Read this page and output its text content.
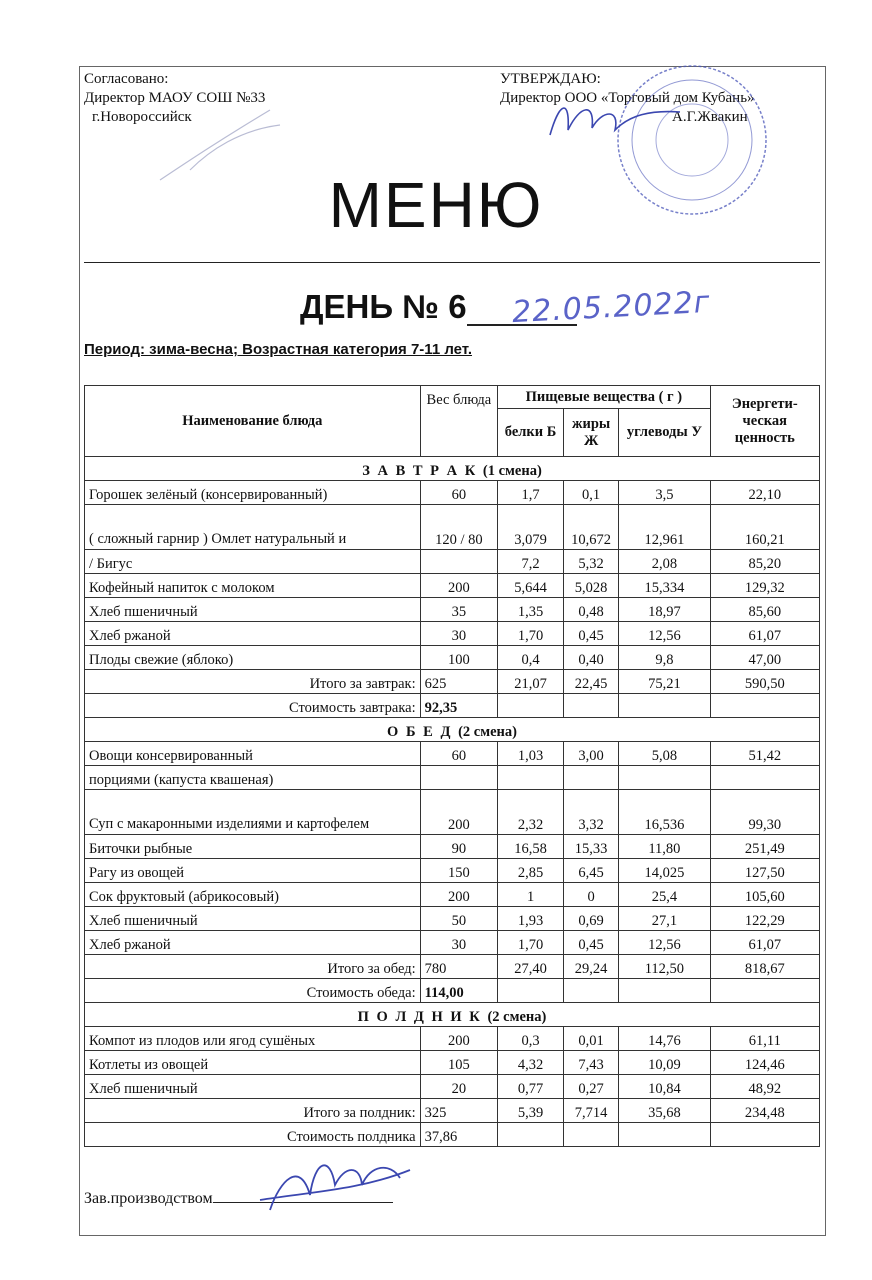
Согласовано:
Директор МАОУ СОШ №33
г.Новороссийск
УТВЕРЖДАЮ:
Директор ООО «Торговый дом Кубань»
А.Г.Жвакин
МЕНЮ
ДЕНЬ № 6	22.05.2022г
Период: зима-весна; Возрастная категория 7-11 лет.
Наименование блюда	Вес блюда	Пищевые вещества ( г )			Энергети-ческая ценность
		белки Б	жиры Ж	углеводы У	
З А В Т Р А К (1 смена)					
Горошек зелёный (консервированный)	60	1,7	0,1	3,5	22,10
( сложный гарнир ) Омлет натуральный и	120 / 80	3,079	10,672	12,961	160,21
/ Бигус		7,2	5,32	2,08	85,20
Кофейный напиток с молоком	200	5,644	5,028	15,334	129,32
Хлеб пшеничный	35	1,35	0,48	18,97	85,60
Хлеб ржаной	30	1,70	0,45	12,56	61,07
Плоды свежие (яблоко)	100	0,4	0,40	9,8	47,00
Итого за завтрак:	625	21,07	22,45	75,21	590,50
Стоимость завтрака:	92,35				
О Б Е Д (2 смена)					
Овощи консервированный	60	1,03	3,00	5,08	51,42
порциями (капуста квашеная)					
Суп с макаронными изделиями и картофелем	200	2,32	3,32	16,536	99,30
Биточки рыбные	90	16,58	15,33	11,80	251,49
Рагу из овощей	150	2,85	6,45	14,025	127,50
Сок фруктовый (абрикосовый)	200	1	0	25,4	105,60
Хлеб пшеничный	50	1,93	0,69	27,1	122,29
Хлеб ржаной	30	1,70	0,45	12,56	61,07
Итого за обед:	780	27,40	29,24	112,50	818,67
Стоимость обеда:	114,00				
П О Л Д Н И К (2 смена)					
Компот из плодов или ягод сушёных	200	0,3	0,01	14,76	61,11
Котлеты из овощей	105	4,32	7,43	10,09	124,46
Хлеб пшеничный	20	0,77	0,27	10,84	48,92
Итого за полдник:	325	5,39	7,714	35,68	234,48
Стоимость полдника	37,86				
Зав.производством
